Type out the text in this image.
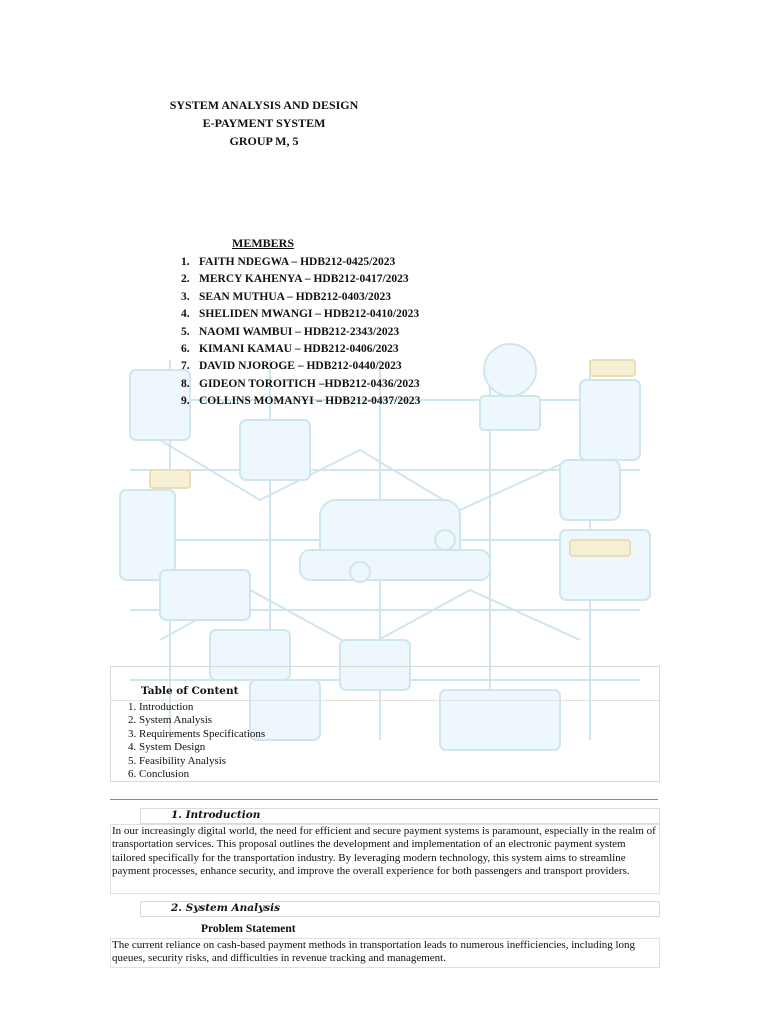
SYSTEM ANALYSIS AND DESIGN
E-PAYMENT SYSTEM
GROUP M, 5
MEMBERS
1. FAITH NDEGWA – HDB212-0425/2023
2. MERCY KAHENYA – HDB212-0417/2023
3. SEAN MUTHUA – HDB212-0403/2023
4. SHELIDEN MWANGI – HDB212-0410/2023
5. NAOMI WAMBUI – HDB212-2343/2023
6. KIMANI KAMAU – HDB212-0406/2023
7. DAVID NJOROGE – HDB212-0440/2023
8. GIDEON TOROITICH –HDB212-0436/2023
9. COLLINS MOMANYI – HDB212-0437/2023
Table of Content
1. Introduction
2. System Analysis
3. Requirements Specifications
4. System Design
5. Feasibility Analysis
6. Conclusion
1. Introduction

In our increasingly digital world, the need for efficient and secure payment systems is paramount, especially in the realm of transportation services. This proposal outlines the development and implementation of an electronic payment system tailored specifically for the transportation industry. By leveraging modern technology, this system aims to streamline payment processes, enhance security, and improve the overall experience for both passengers and transport providers.

2. System Analysis
Problem Statement

The current reliance on cash-based payment methods in transportation leads to numerous inefficiencies, including long queues, security risks, and difficulties in revenue tracking and management.
